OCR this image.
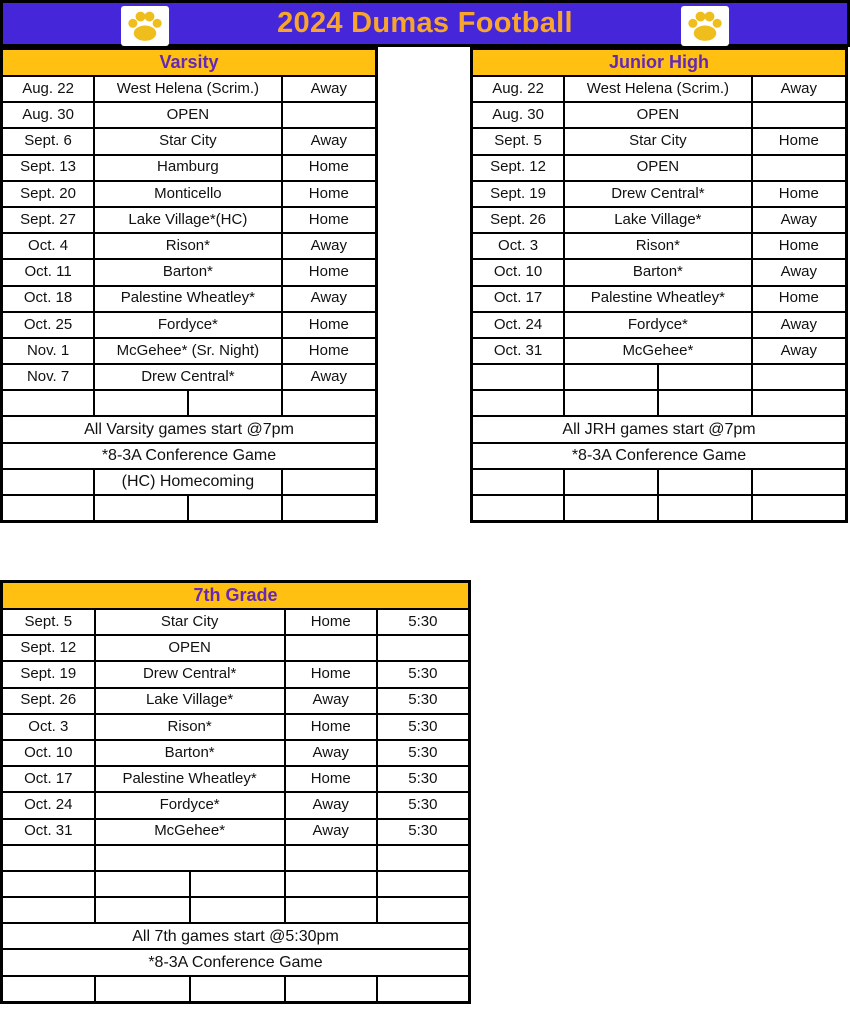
2024 Dumas Football
Varsity			
Aug. 22	West Helena (Scrim.)		Away
Aug. 30	OPEN		
Sept. 6	Star City		Away
Sept. 13	Hamburg		Home
Sept. 20	Monticello		Home
Sept. 27	Lake Village*(HC)		Home
Oct. 4	Rison*		Away
Oct. 11	Barton*		Home
Oct. 18	Palestine Wheatley*		Away
Oct. 25	Fordyce*		Home
Nov. 1	McGehee* (Sr. Night)		Home
Nov. 7	Drew Central*		Away

All Varsity games start @7pm			
*8-3A Conference Game			
	(HC) Homecoming		

Junior High			
Aug. 22	West Helena (Scrim.)		Away
Aug. 30	OPEN		
Sept. 5	Star City		Home
Sept. 12	OPEN		
Sept. 19	Drew Central*		Home
Sept. 26	Lake Village*		Away
Oct. 3	Rison*		Home
Oct. 10	Barton*		Away
Oct. 17	Palestine Wheatley*		Home
Oct. 24	Fordyce*		Away
Oct. 31	McGehee*		Away

All JRH games start @7pm			
*8-3A Conference Game			

7th Grade				
Sept. 5	Star City		Home	5:30
Sept. 12	OPEN			
Sept. 19	Drew Central*		Home	5:30
Sept. 26	Lake Village*		Away	5:30
Oct. 3	Rison*		Home	5:30
Oct. 10	Barton*		Away	5:30
Oct. 17	Palestine Wheatley*		Home	5:30
Oct. 24	Fordyce*		Away	5:30
Oct. 31	McGehee*		Away	5:30

All 7th games start @5:30pm				
*8-3A Conference Game				
